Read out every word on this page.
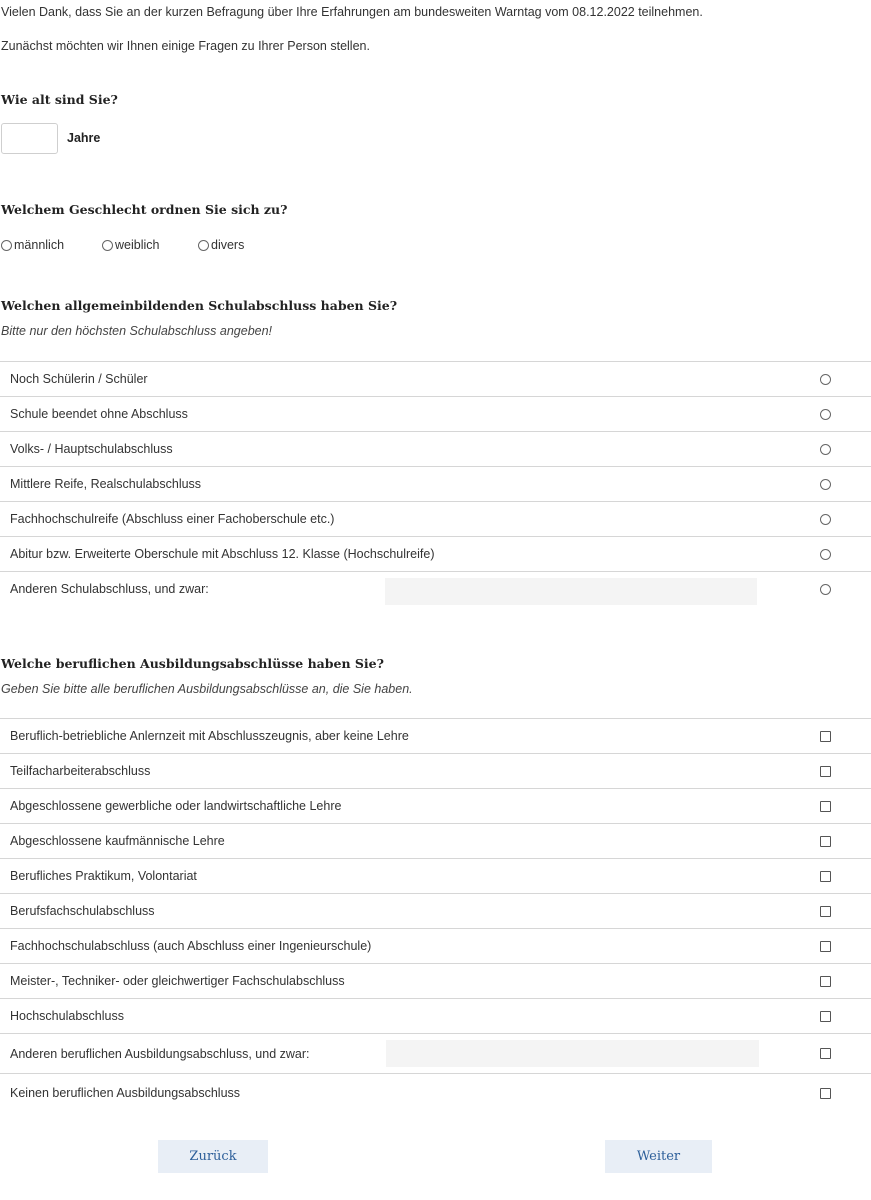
Vielen Dank, dass Sie an der kurzen Befragung über Ihre Erfahrungen am bundesweiten Warntag vom 08.12.2022 teilnehmen.

Zunächst möchten wir Ihnen einige Fragen zu Ihrer Person stellen.

Wie alt sind Sie?

Jahre

Welchem Geschlecht ordnen Sie sich zu?

männlich	weiblich	divers

Welchen allgemeinbildenden Schulabschluss haben Sie?

Bitte nur den höchsten Schulabschluss angeben!

Noch Schülerin / Schüler
Schule beendet ohne Abschluss
Volks- / Hauptschulabschluss
Mittlere Reife, Realschulabschluss
Fachhochschulreife (Abschluss einer Fachoberschule etc.)
Abitur bzw. Erweiterte Oberschule mit Abschluss 12. Klasse (Hochschulreife)
Anderen Schulabschluss, und zwar:

Welche beruflichen Ausbildungsabschlüsse haben Sie?

Geben Sie bitte alle beruflichen Ausbildungsabschlüsse an, die Sie haben.

Beruflich-betriebliche Anlernzeit mit Abschlusszeugnis, aber keine Lehre
Teilfacharbeiterabschluss
Abgeschlossene gewerbliche oder landwirtschaftliche Lehre
Abgeschlossene kaufmännische Lehre
Berufliches Praktikum, Volontariat
Berufsfachschulabschluss
Fachhochschulabschluss (auch Abschluss einer Ingenieurschule)
Meister-, Techniker- oder gleichwertiger Fachschulabschluss
Hochschulabschluss
Anderen beruflichen Ausbildungsabschluss, und zwar:
Keinen beruflichen Ausbildungsabschluss
Zurück	Weiter
